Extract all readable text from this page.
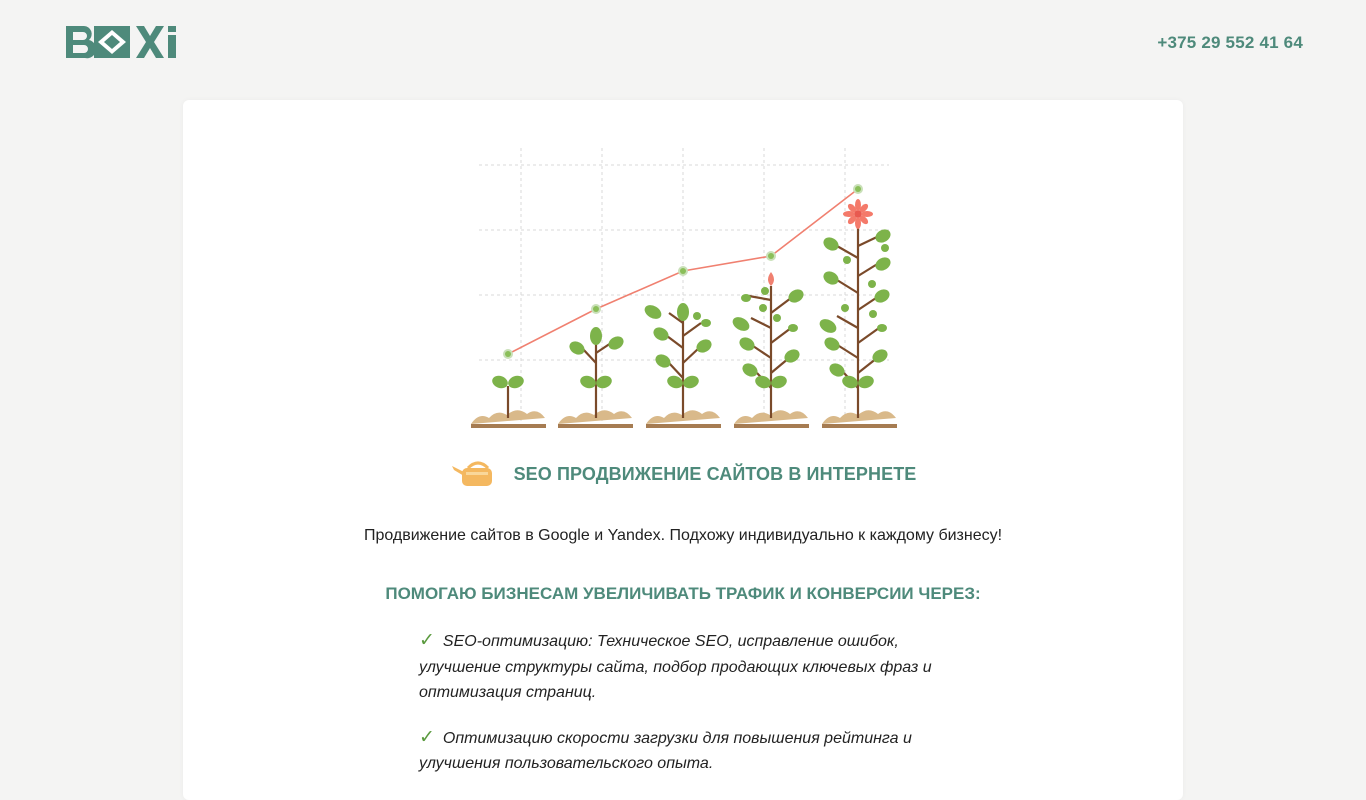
+375 29 552 41 64
SEO ПРОДВИЖЕНИЕ САЙТОВ В ИНТЕРНЕТЕ
Продвижение сайтов в Google и Yandex. Подхожу индивидуально к каждому бизнесу!
ПОМОГАЮ БИЗНЕСАМ УВЕЛИЧИВАТЬ ТРАФИК И КОНВЕРСИИ ЧЕРЕЗ:
✓ SEO-оптимизацию: Техническое SEO, исправление ошибок, улучшение структуры сайта, подбор продающих ключевых фраз и оптимизация страниц.
✓ Оптимизацию скорости загрузки для повышения рейтинга и улучшения пользовательского опыта.
